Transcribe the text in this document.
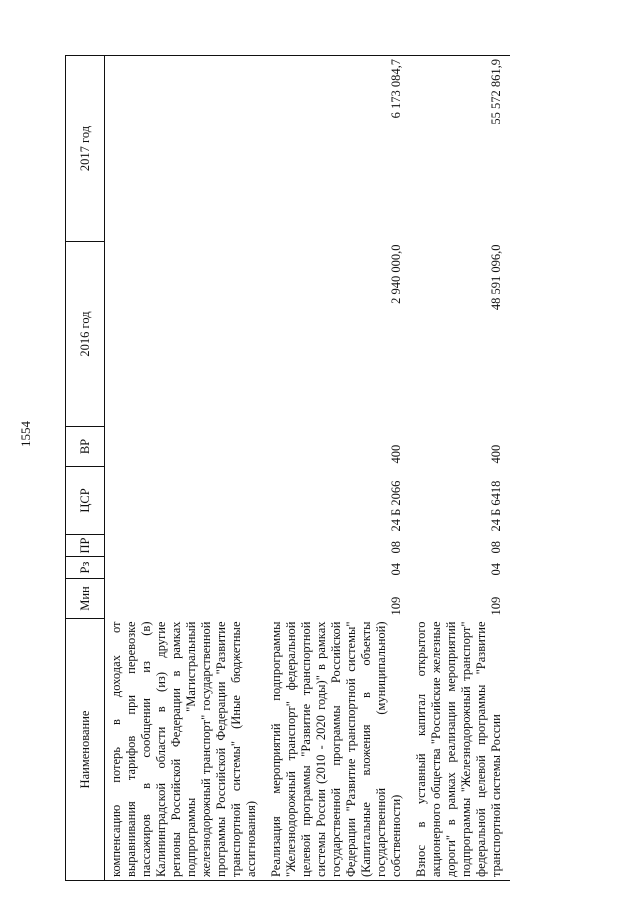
1554
Наименование	Мин	Рз	ПР	ЦСР	ВР	2016 год	2017 год
компенсацию потерь в доходах от выравнивания тарифов при перевозке пассажиров в сообщении из (в) Калининградской области в (из) другие регионы Российской Федерации в рамках подпрограммы "Магистральный железнодорожный транспорт" государственной программы Российской Федерации "Развитие транспортной системы" (Иные бюджетные ассигнования)							
Реализация мероприятий подпрограммы "Железнодорожный транспорт" федеральной целевой программы "Развитие транспортной системы России (2010 - 2020 годы)" в рамках государственной программы Российской Федерации "Развитие транспортной системы" (Капитальные вложения в объекты государственной (муниципальной) собственности)	109	04	08	24 Б 2066	400	2 940 000,0	6 173 084,7
Взнос в уставный капитал открытого акционерного общества "Российские железные дороги" в рамках реализации мероприятий подпрограммы "Железнодорожный транспорт" федеральной целевой программы "Развитие транспортной системы России	109	04	08	24 Б 6418	400	48 591 096,0	55 572 861,9
